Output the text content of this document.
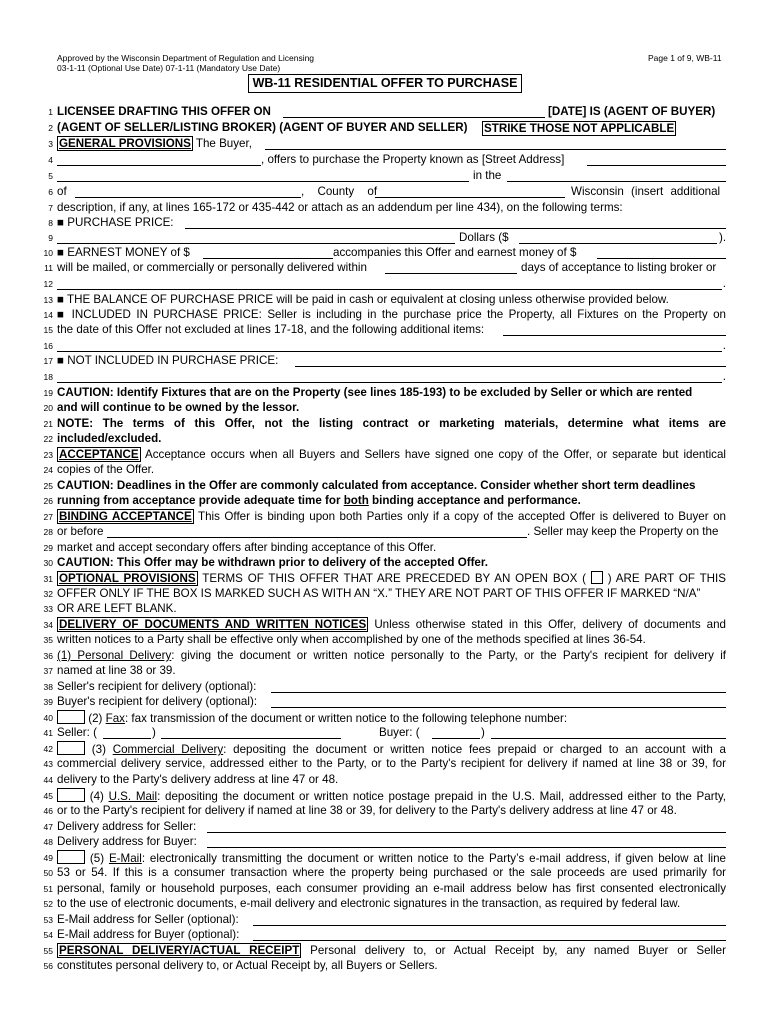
Approved by the Wisconsin Department of Regulation and Licensing
03-1-11 (Optional Use Date) 07-1-11 (Mandatory Use Date)
Page 1 of 9, WB-11
WB-11 RESIDENTIAL OFFER TO PURCHASE
1 LICENSEE DRAFTING THIS OFFER ON	[DATE] IS (AGENT OF BUYER)
2 (AGENT OF SELLER/LISTING BROKER) (AGENT OF BUYER AND SELLER) STRIKE THOSE NOT APPLICABLE
3 GENERAL PROVISIONS The Buyer,
4	, offers to purchase the Property known as [Street Address]
5	in the
6 of	, County of	Wisconsin (insert additional
7 description, if any, at lines 165-172 or 435-442 or attach as an addendum per line 434), on the following terms:
8 ■ PURCHASE PRICE:
9	Dollars ($	).
10 ■ EARNEST MONEY of $	accompanies this Offer and earnest money of $
11 will be mailed, or commercially or personally delivered within	days of acceptance to listing broker or
12	.
13 ■ THE BALANCE OF PURCHASE PRICE will be paid in cash or equivalent at closing unless otherwise provided below.
14 ■ INCLUDED IN PURCHASE PRICE: Seller is including in the purchase price the Property, all Fixtures on the Property on
15 the date of this Offer not excluded at lines 17-18, and the following additional items:
16	.
17 ■ NOT INCLUDED IN PURCHASE PRICE:
18	.
19 CAUTION: Identify Fixtures that are on the Property (see lines 185-193) to be excluded by Seller or which are rented
20 and will continue to be owned by the lessor.
21 NOTE: The terms of this Offer, not the listing contract or marketing materials, determine what items are
22 included/excluded.
23 ACCEPTANCE Acceptance occurs when all Buyers and Sellers have signed one copy of the Offer, or separate but identical
24 copies of the Offer.
25 CAUTION: Deadlines in the Offer are commonly calculated from acceptance. Consider whether short term deadlines
26 running from acceptance provide adequate time for both binding acceptance and performance.
27 BINDING ACCEPTANCE This Offer is binding upon both Parties only if a copy of the accepted Offer is delivered to Buyer on
28 or before	. Seller may keep the Property on the
29 market and accept secondary offers after binding acceptance of this Offer.
30 CAUTION: This Offer may be withdrawn prior to delivery of the accepted Offer.
31 OPTIONAL PROVISIONS TERMS OF THIS OFFER THAT ARE PRECEDED BY AN OPEN BOX ( ) ARE PART OF THIS
32 OFFER ONLY IF THE BOX IS MARKED SUCH AS WITH AN “X.” THEY ARE NOT PART OF THIS OFFER IF MARKED “N/A”
33 OR ARE LEFT BLANK.
34 DELIVERY OF DOCUMENTS AND WRITTEN NOTICES Unless otherwise stated in this Offer, delivery of documents and
35 written notices to a Party shall be effective only when accomplished by one of the methods specified at lines 36-54.
36 (1) Personal Delivery: giving the document or written notice personally to the Party, or the Party's recipient for delivery if
37 named at line 38 or 39.
38 Seller's recipient for delivery (optional):
39 Buyer's recipient for delivery (optional):
40	(2) Fax: fax transmission of the document or written notice to the following telephone number:
41 Seller: (	)	Buyer: (	)
42	(3) Commercial Delivery: depositing the document or written notice fees prepaid or charged to an account with a
43 commercial delivery service, addressed either to the Party, or to the Party's recipient for delivery if named at line 38 or 39, for
44 delivery to the Party's delivery address at line 47 or 48.
45	(4) U.S. Mail: depositing the document or written notice postage prepaid in the U.S. Mail, addressed either to the Party,
46 or to the Party's recipient for delivery if named at line 38 or 39, for delivery to the Party's delivery address at line 47 or 48.
47 Delivery address for Seller:
48 Delivery address for Buyer:
49	(5) E-Mail: electronically transmitting the document or written notice to the Party’s e-mail address, if given below at line
50 53 or 54. If this is a consumer transaction where the property being purchased or the sale proceeds are used primarily for
51 personal, family or household purposes, each consumer providing an e-mail address below has first consented electronically
52 to the use of electronic documents, e-mail delivery and electronic signatures in the transaction, as required by federal law.
53 E-Mail address for Seller (optional):
54 E-Mail address for Buyer (optional):
55 PERSONAL DELIVERY/ACTUAL RECEIPT Personal delivery to, or Actual Receipt by, any named Buyer or Seller
56 constitutes personal delivery to, or Actual Receipt by, all Buyers or Sellers.
